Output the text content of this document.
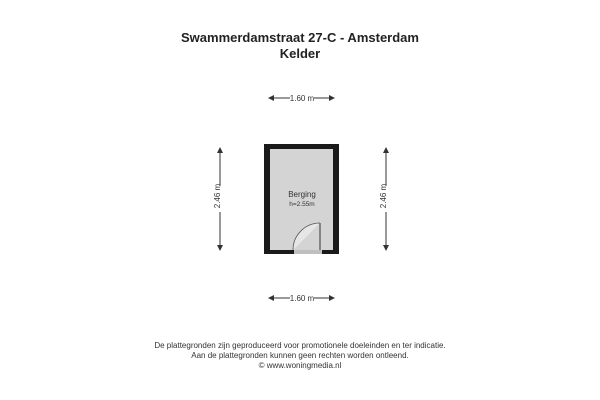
Swammerdamstraat 27-C - Amsterdam
Kelder
1.60 m
1.60 m
2.46 m	2.46 m
Berging
h=2.55m
De plattegronden zijn geproduceerd voor promotionele doeleinden en ter indicatie.
Aan de plattegronden kunnen geen rechten worden ontleend.
© www.woningmedia.nl
